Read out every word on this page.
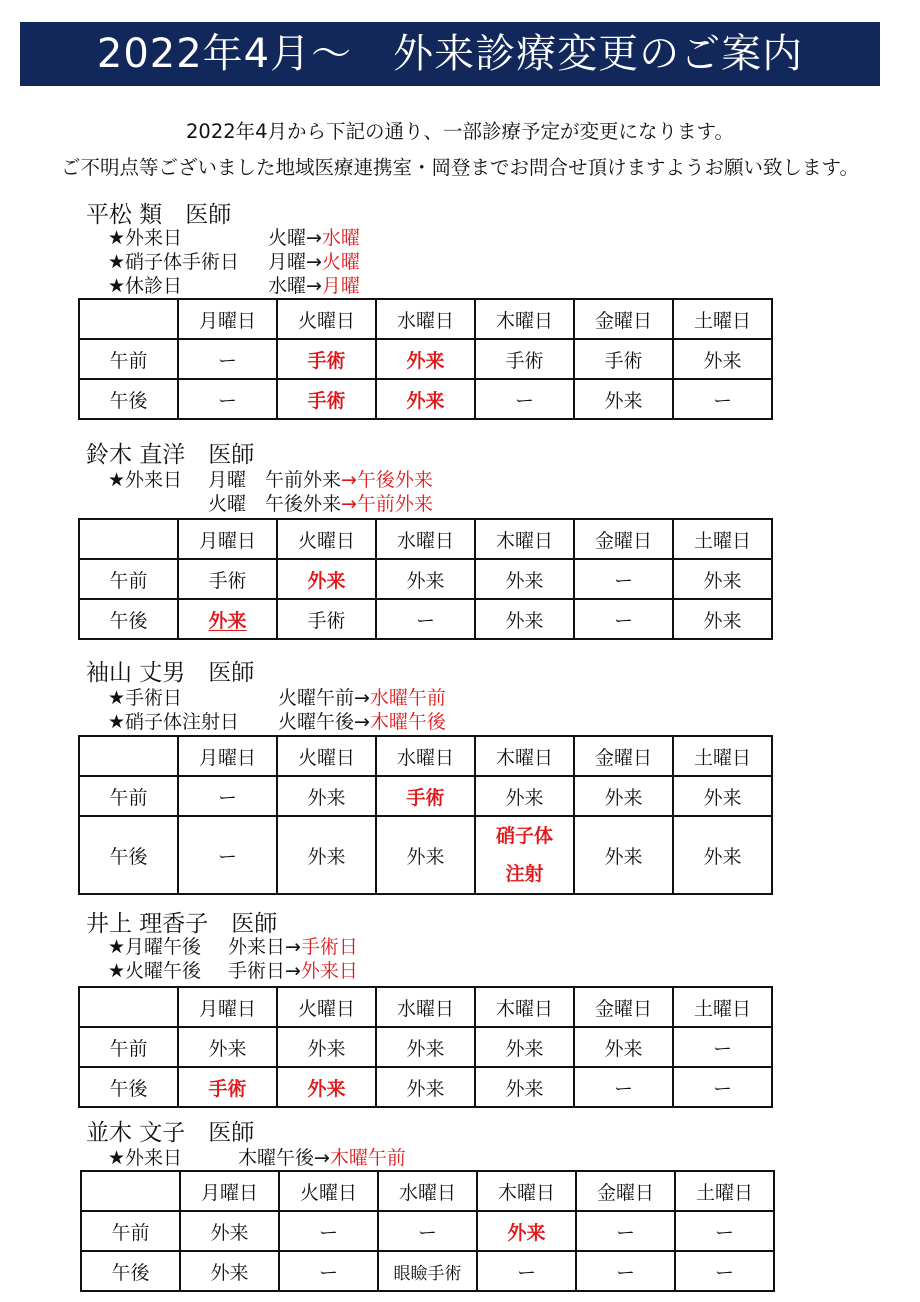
2022年4月～　外来診療変更のご案内
2022年4月から下記の通り、一部診療予定が変更になります。
ご不明点等ございました地域医療連携室・岡登までお問合せ頂けますようお願い致します。
平松 類　医師
★外来日	火曜→水曜
★硝子体手術日 月曜→火曜
★休診日	水曜→月曜
	月曜日	火曜日	水曜日	木曜日	金曜日	土曜日
午前	ー	手術	外来	手術	手術	外来
午後	ー	手術	外来	ー	外来	ー
鈴木 直洋　医師
★外来日 月曜　午前外来→午後外来
火曜　午後外来→午前外来
	月曜日	火曜日	水曜日	木曜日	金曜日	土曜日
午前	手術	外来	外来	外来	ー	外来
午後	外来	手術	ー	外来	ー	外来
袖山 丈男　医師
★手術日	火曜午前→水曜午前
★硝子体注射日 火曜午後→木曜午後
	月曜日	火曜日	水曜日	木曜日	金曜日	土曜日
午前	ー	外来	手術	外来	外来	外来
午後	ー	外来	外来	硝子体
注射	外来	外来
井上 理香子　医師
★月曜午後 外来日→手術日
★火曜午後 手術日→外来日
	月曜日	火曜日	水曜日	木曜日	金曜日	土曜日
午前	外来	外来	外来	外来	外来	ー
午後	手術	外来	外来	外来	ー	ー
並木 文子　医師
★外来日	木曜午後→木曜午前
	月曜日	火曜日	水曜日	木曜日	金曜日	土曜日
午前	外来	ー	ー	外来	ー	ー
午後	外来	ー	眼瞼手術	ー	ー	ー
